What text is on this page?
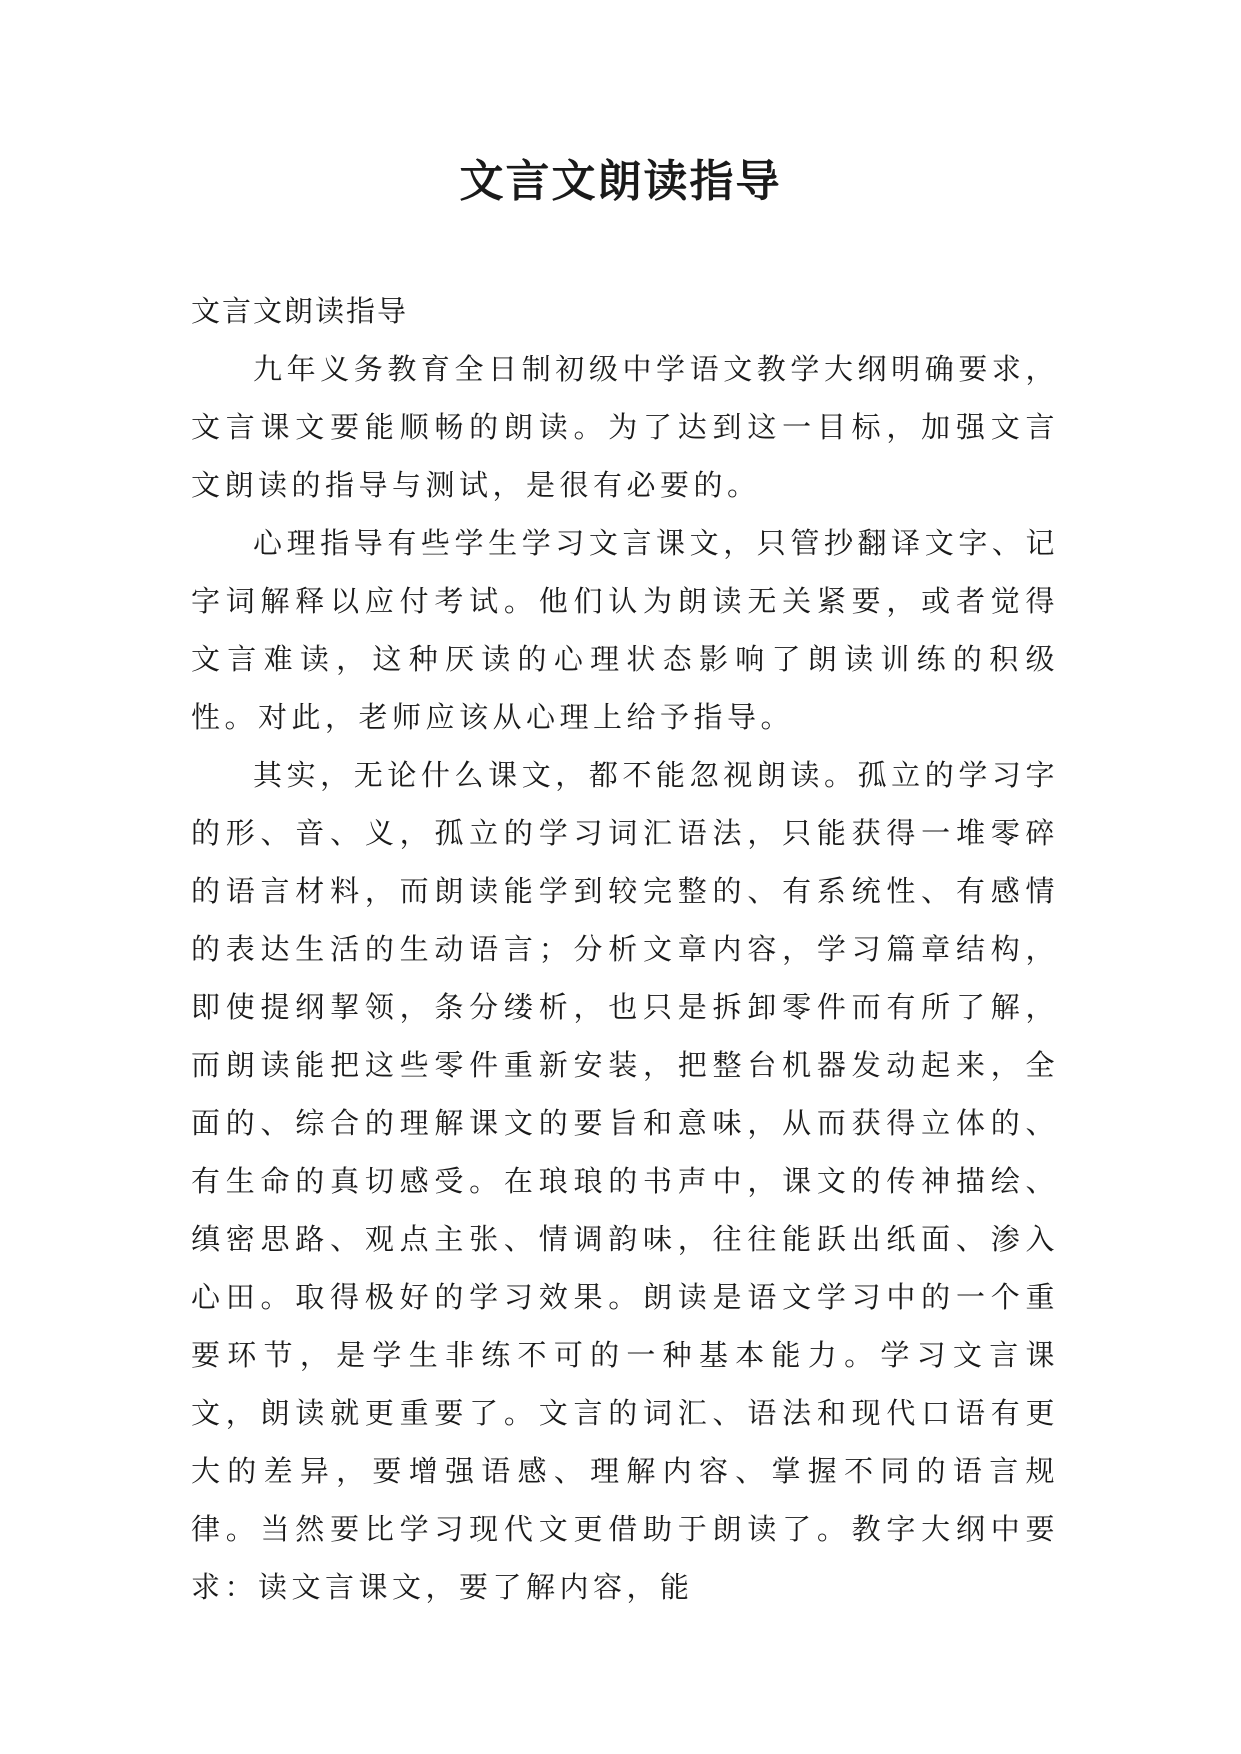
文言文朗读指导

文言文朗读指导

九年义务教育全日制初级中学语文教学大纲明确要求，文言课文要能顺畅的朗读。为了达到这一目标，加强文言文朗读的指导与测试，是很有必要的。

心理指导有些学生学习文言课文，只管抄翻译文字、记字词解释以应付考试。他们认为朗读无关紧要，或者觉得文言难读，这种厌读的心理状态影响了朗读训练的积级性。对此，老师应该从心理上给予指导。

其实，无论什么课文，都不能忽视朗读。孤立的学习字的形、音、义，孤立的学习词汇语法，只能获得一堆零碎的语言材料，而朗读能学到较完整的、有系统性、有感情的表达生活的生动语言；分析文章内容，学习篇章结构，即使提纲挈领，条分缕析，也只是拆卸零件而有所了解，而朗读能把这些零件重新安装，把整台机器发动起来，全面的、综合的理解课文的要旨和意味，从而获得立体的、有生命的真切感受。在琅琅的书声中，课文的传神描绘、缜密思路、观点主张、情调韵味，往往能跃出纸面、渗入心田。取得极好的学习效果。朗读是语文学习中的一个重要环节，是学生非练不可的一种基本能力。学习文言课文，朗读就更重要了。文言的词汇、语法和现代口语有更大的差异，要增强语感、理解内容、掌握不同的语言规律。当然要比学习现代文更借助于朗读了。教字大纲中要求：读文言课文，要了解内容，能
